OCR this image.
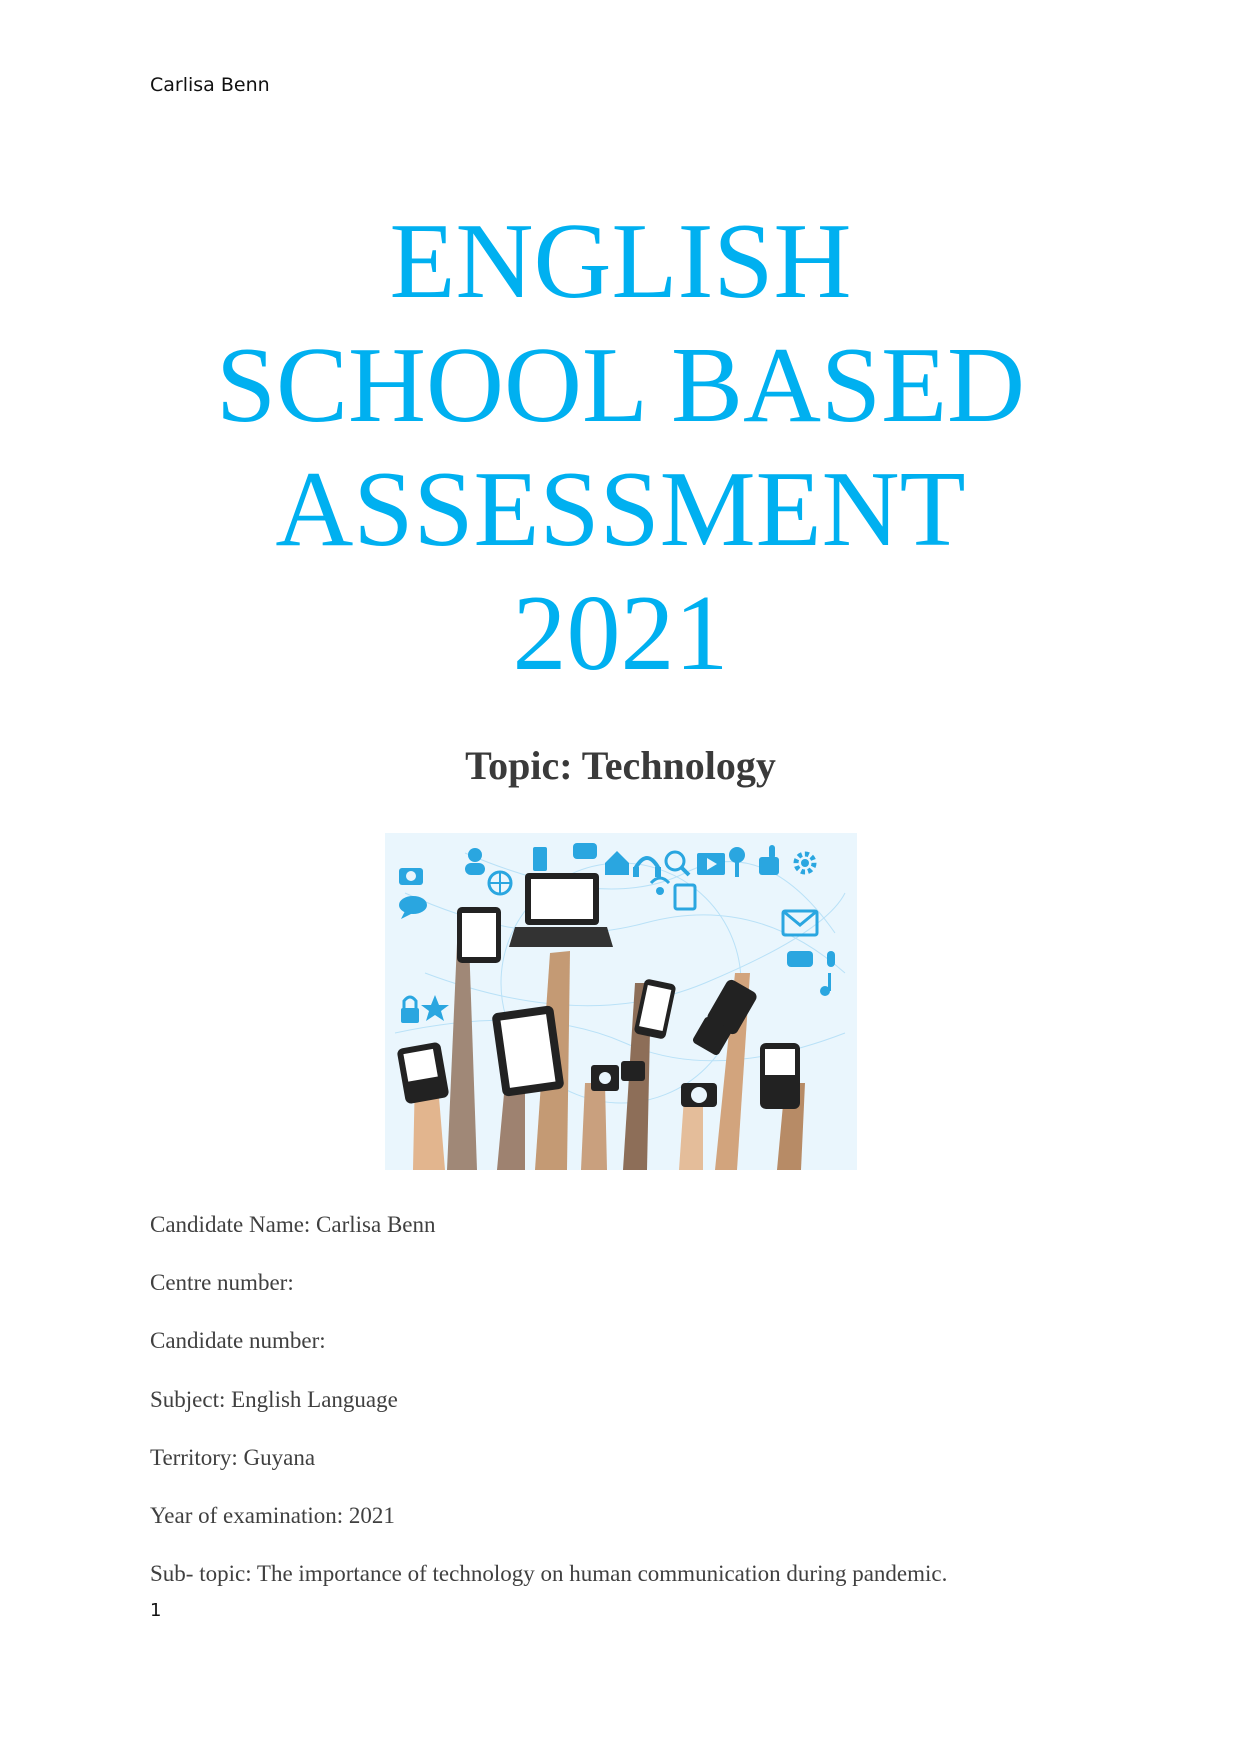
Carlisa Benn
ENGLISH
SCHOOL BASED
ASSESSMENT
2021
Topic: Technology
Candidate Name: Carlisa Benn
Centre number:
Candidate number:
Subject: English Language
Territory: Guyana
Year of examination: 2021
Sub- topic: The importance of technology on human communication during pandemic.
1
